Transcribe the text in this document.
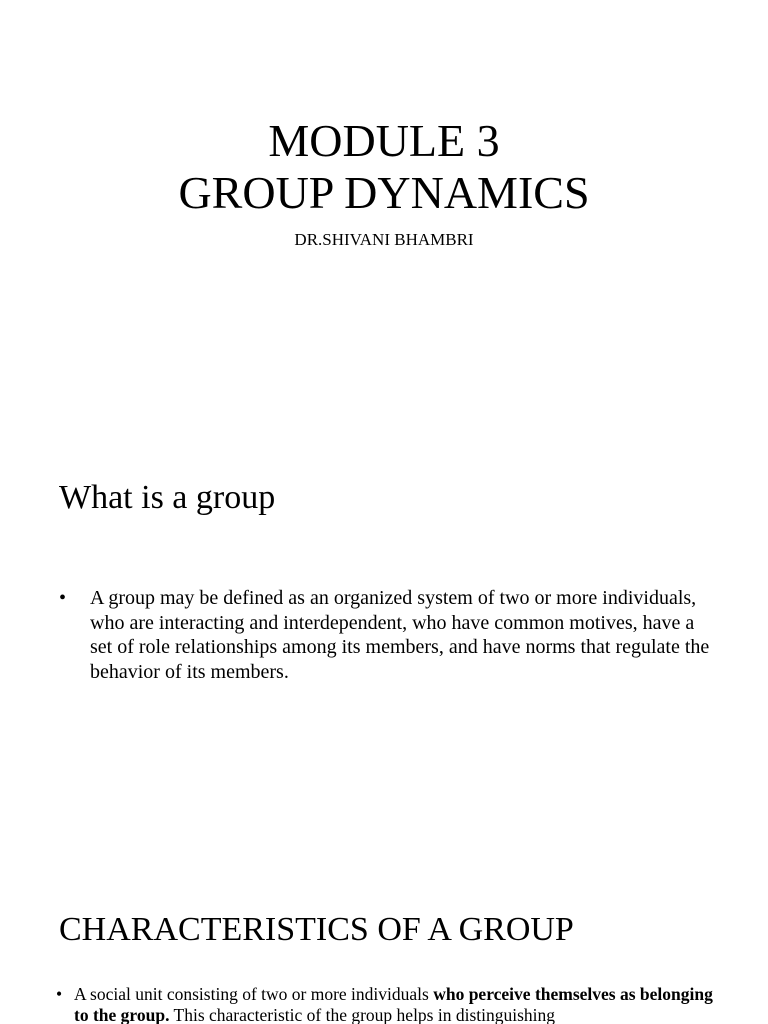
MODULE 3
GROUP DYNAMICS
DR.SHIVANI BHAMBRI
What is a group
•	A group may be defined as an organized system of two or more individuals, who are interacting and interdependent, who have common motives, have a set of role relationships among its members, and have norms that regulate the behavior of its members.
CHARACTERISTICS OF A GROUP
• A social unit consisting of two or more individuals who perceive themselves as belonging to the group. This characteristic of the group helps in distinguishing
